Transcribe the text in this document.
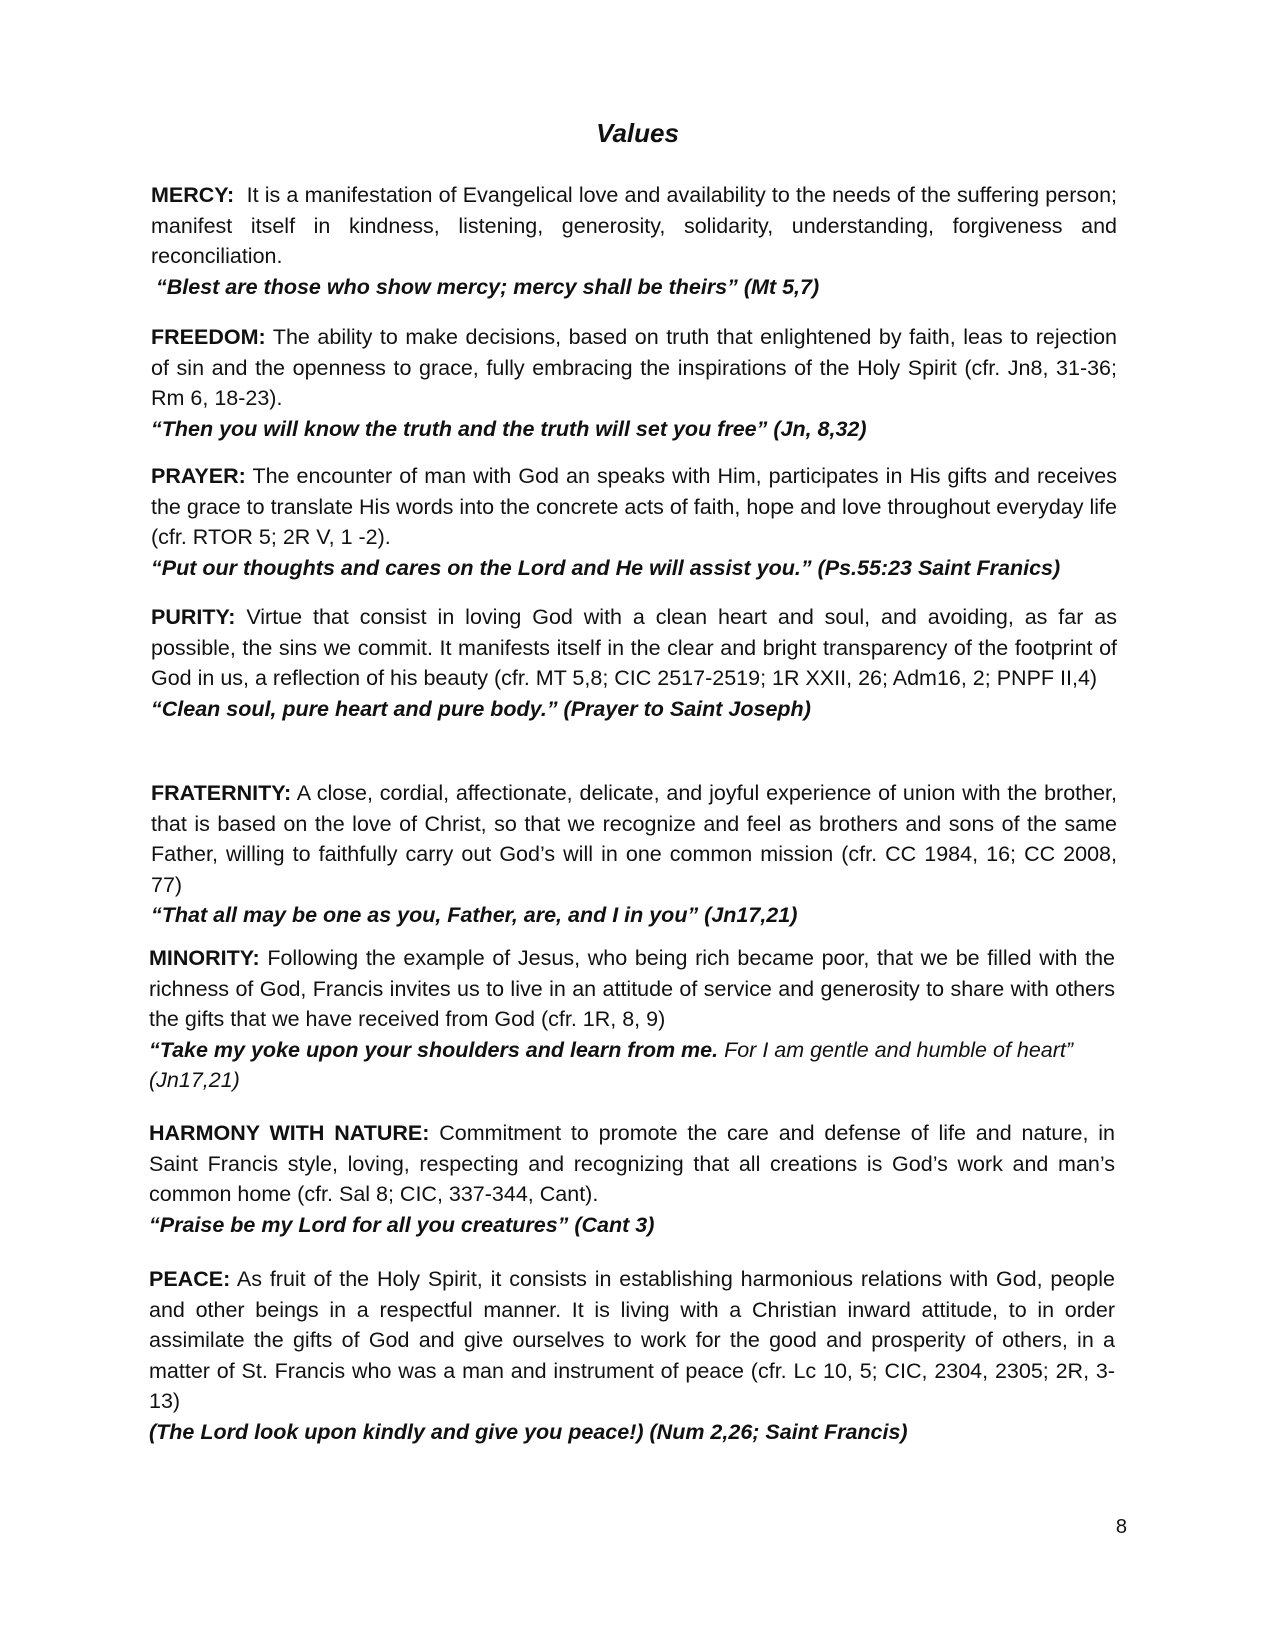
Values

MERCY: It is a manifestation of Evangelical love and availability to the needs of the suffering person; manifest itself in kindness, listening, generosity, solidarity, understanding, forgiveness and reconciliation.

“Blest are those who show mercy; mercy shall be theirs” (Mt 5,7)

FREEDOM: The ability to make decisions, based on truth that enlightened by faith, leas to rejection of sin and the openness to grace, fully embracing the inspirations of the Holy Spirit (cfr. Jn8, 31-36; Rm 6, 18-23).

“Then you will know the truth and the truth will set you free” (Jn, 8,32)

PRAYER: The encounter of man with God an speaks with Him, participates in His gifts and receives the grace to translate His words into the concrete acts of faith, hope and love throughout everyday life (cfr. RTOR 5; 2R V, 1 -2).

“Put our thoughts and cares on the Lord and He will assist you.” (Ps.55:23 Saint Franics)

PURITY: Virtue that consist in loving God with a clean heart and soul, and avoiding, as far as possible, the sins we commit. It manifests itself in the clear and bright transparency of the footprint of God in us, a reflection of his beauty (cfr. MT 5,8; CIC 2517-2519; 1R XXII, 26; Adm16, 2; PNPF II,4)

“Clean soul, pure heart and pure body.” (Prayer to Saint Joseph)

FRATERNITY: A close, cordial, affectionate, delicate, and joyful experience of union with the brother, that is based on the love of Christ, so that we recognize and feel as brothers and sons of the same Father, willing to faithfully carry out God’s will in one common mission (cfr. CC 1984, 16; CC 2008, 77)

“That all may be one as you, Father, are, and I in you” (Jn17,21)

MINORITY: Following the example of Jesus, who being rich became poor, that we be filled with the richness of God, Francis invites us to live in an attitude of service and generosity to share with others the gifts that we have received from God (cfr. 1R, 8, 9)

“Take my yoke upon your shoulders and learn from me. For I am gentle and humble of heart” (Jn17,21)

HARMONY WITH NATURE: Commitment to promote the care and defense of life and nature, in Saint Francis style, loving, respecting and recognizing that all creations is God’s work and man’s common home (cfr. Sal 8; CIC, 337-344, Cant).

“Praise be my Lord for all you creatures” (Cant 3)

PEACE: As fruit of the Holy Spirit, it consists in establishing harmonious relations with God, people and other beings in a respectful manner. It is living with a Christian inward attitude, to in order assimilate the gifts of God and give ourselves to work for the good and prosperity of others, in a matter of St. Francis who was a man and instrument of peace (cfr. Lc 10, 5; CIC, 2304, 2305; 2R, 3-13)

(The Lord look upon kindly and give you peace!) (Num 2,26; Saint Francis)

8
